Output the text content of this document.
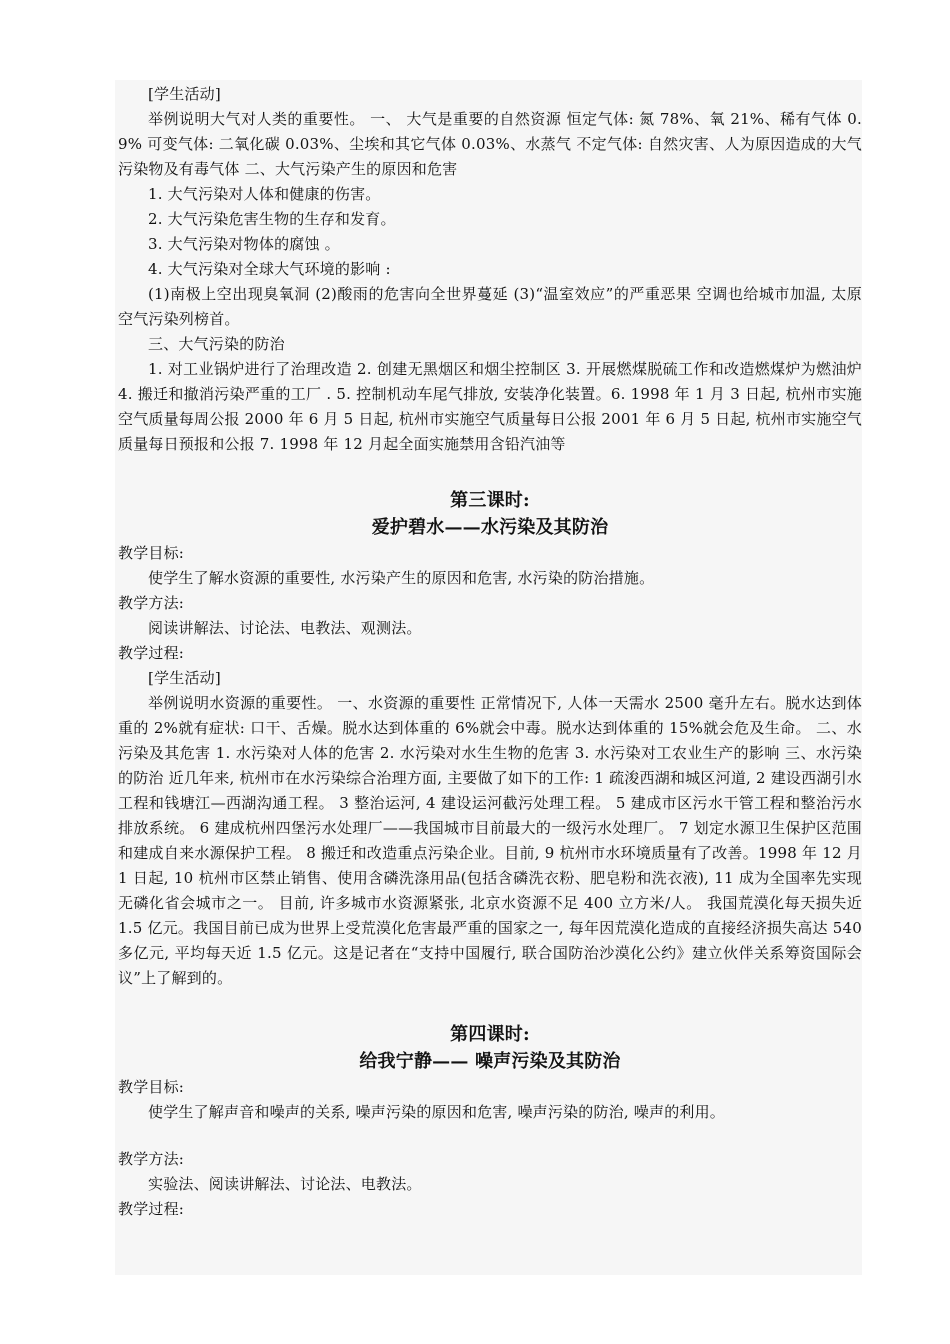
[学生活动]

举例说明大气对人类的重要性。 一、 大气是重要的自然资源 恒定气体: 氮 78%、氧 21%、稀有气体 0.9% 可变气体: 二氧化碳 0.03%、尘埃和其它气体 0.03%、水蒸气 不定气体: 自然灾害、人为原因造成的大气污染物及有毒气体 二、大气污染产生的原因和危害

1. 大气污染对人体和健康的伤害。

2. 大气污染危害生物的生存和发育。

3. 大气污染对物体的腐蚀 。

4. 大气污染对全球大气环境的影响 :

(1)南极上空出现臭氧洞 (2)酸雨的危害向全世界蔓延 (3)“温室效应”的严重恶果 空调也给城市加温, 太原空气污染列榜首。

三、大气污染的防治

1. 对工业锅炉进行了治理改造 2. 创建无黑烟区和烟尘控制区 3. 开展燃煤脱硫工作和改造燃煤炉为燃油炉 4. 搬迁和撤消污染严重的工厂 . 5. 控制机动车尾气排放, 安装净化装置。6. 1998 年 1 月 3 日起, 杭州市实施空气质量每周公报 2000 年 6 月 5 日起, 杭州市实施空气质量每日公报 2001 年 6 月 5 日起, 杭州市实施空气质量每日预报和公报 7. 1998 年 12 月起全面实施禁用含铅汽油等

第三课时:

爱护碧水——水污染及其防治

教学目标:

使学生了解水资源的重要性, 水污染产生的原因和危害, 水污染的防治措施。

教学方法:

阅读讲解法、讨论法、电教法、观测法。

教学过程:

[学生活动]

举例说明水资源的重要性。 一、水资源的重要性 正常情况下, 人体一天需水 2500 毫升左右。脱水达到体重的 2%就有症状: 口干、舌燥。脱水达到体重的 6%就会中毒。脱水达到体重的 15%就会危及生命。 二、水污染及其危害 1. 水污染对人体的危害 2. 水污染对水生生物的危害 3. 水污染对工农业生产的影响 三、水污染的防治 近几年来, 杭州市在水污染综合治理方面, 主要做了如下的工作: 1 疏浚西湖和城区河道, 2 建设西湖引水工程和钱塘江—西湖沟通工程。 3 整治运河, 4 建设运河截污处理工程。 5 建成市区污水干管工程和整治污水排放系统。 6 建成杭州四堡污水处理厂——我国城市目前最大的一级污水处理厂。 7 划定水源卫生保护区范围和建成自来水源保护工程。 8 搬迁和改造重点污染企业。目前, 9 杭州市水环境质量有了改善。1998 年 12 月 1 日起, 10 杭州市区禁止销售、使用含磷洗涤用品(包括含磷洗衣粉、肥皂粉和洗衣液), 11 成为全国率先实现无磷化省会城市之一。 目前, 许多城市水资源紧张, 北京水资源不足 400 立方米/人。 我国荒漠化每天损失近 1.5 亿元。我国目前已成为世界上受荒漠化危害最严重的国家之一, 每年因荒漠化造成的直接经济损失高达 540 多亿元, 平均每天近 1.5 亿元。这是记者在“支持中国履行, 联合国防治沙漠化公约》建立伙伴关系筹资国际会议”上了解到的。

第四课时:

给我宁静—— 噪声污染及其防治

教学目标:

使学生了解声音和噪声的关系, 噪声污染的原因和危害, 噪声污染的防治, 噪声的利用。

教学方法:

实验法、阅读讲解法、讨论法、电教法。

教学过程:
